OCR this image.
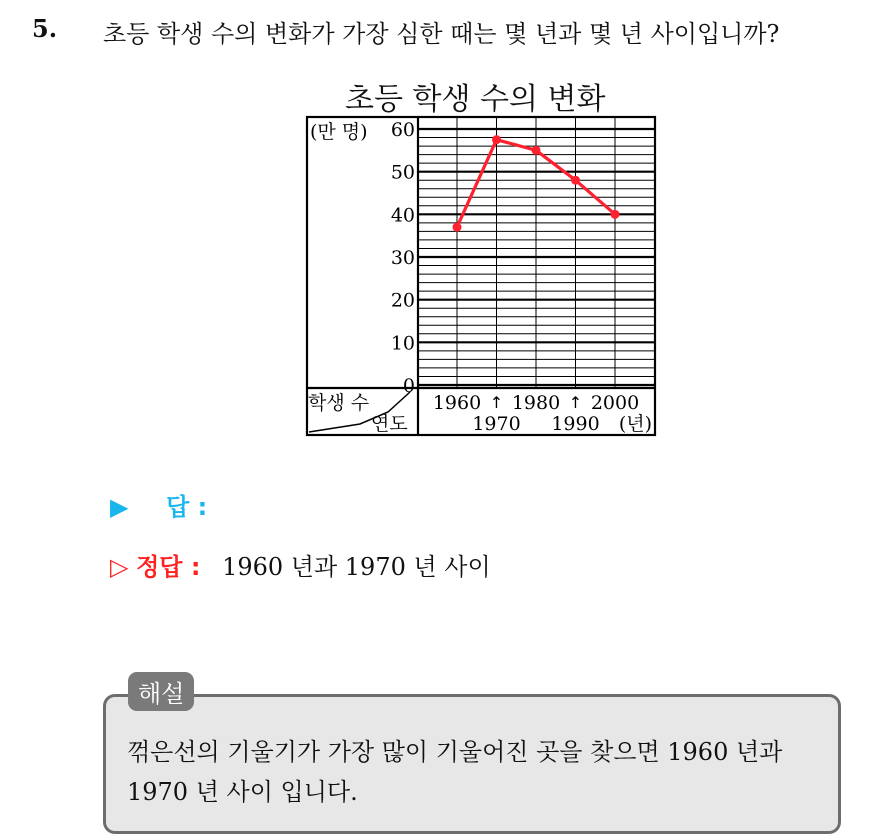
5. 초등 학생 수의 변화가 가장 심한 때는 몇 년과 몇 년 사이입니까?
초등 학생 수의 변화
(만 명)
0
10
20
30
40
50
60
학생 수
연도
1960 1980 2000
1970
↑
1990
↑
(년)
▶ 답 :
▷ 정답 : 1960 년과 1970 년 사이
해설
꺾은선의 기울기가 가장 많이 기울어진 곳을 찾으면 1960 년과
1970 년 사이 입니다.
